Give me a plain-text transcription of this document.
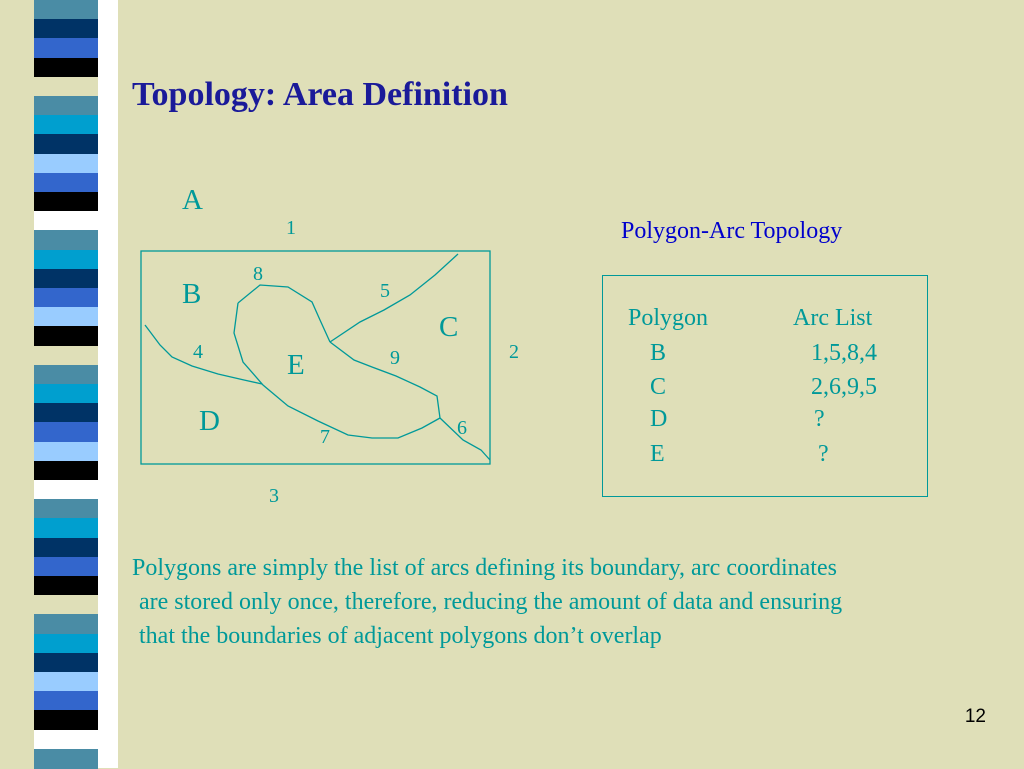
Topology: Area Definition
A
B
C
D
E
1
2
3
4
5
6
7
8
9
Polygon-Arc Topology
Polygon	Arc List
B	1,5,8,4
C	2,6,9,5
D	?
E	?
Polygons are simply the list of arcs defining its boundary, arc coordinates
are stored only once, therefore, reducing the amount of data and ensuring
that the boundaries of adjacent polygons don’t overlap
12
